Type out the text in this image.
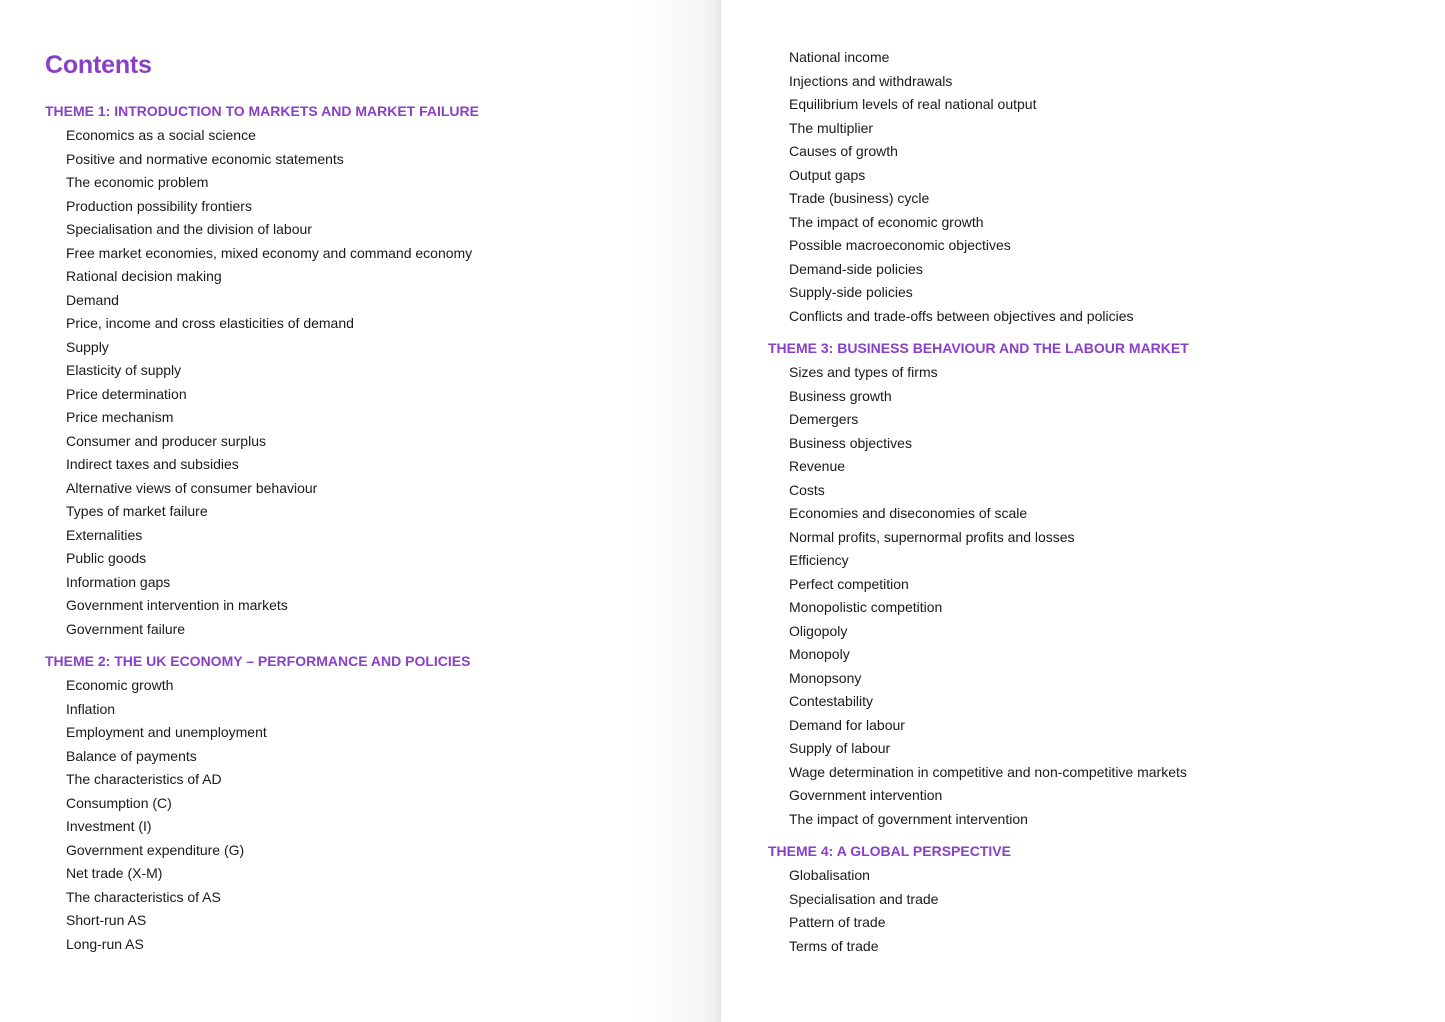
Contents
THEME 1: INTRODUCTION TO MARKETS AND MARKET FAILURE
Economics as a social science
Positive and normative economic statements
The economic problem
Production possibility frontiers
Specialisation and the division of labour
Free market economies, mixed economy and command economy
Rational decision making
Demand
Price, income and cross elasticities of demand
Supply
Elasticity of supply
Price determination
Price mechanism
Consumer and producer surplus
Indirect taxes and subsidies
Alternative views of consumer behaviour
Types of market failure
Externalities
Public goods
Information gaps
Government intervention in markets
Government failure
THEME 2: THE UK ECONOMY – PERFORMANCE AND POLICIES
Economic growth
Inflation
Employment and unemployment
Balance of payments
The characteristics of AD
Consumption (C)
Investment (I)
Government expenditure (G)
Net trade (X-M)
The characteristics of AS
Short-run AS
Long-run AS
National income
Injections and withdrawals
Equilibrium levels of real national output
The multiplier
Causes of growth
Output gaps
Trade (business) cycle
The impact of economic growth
Possible macroeconomic objectives
Demand-side policies
Supply-side policies
Conflicts and trade-offs between objectives and policies
THEME 3: BUSINESS BEHAVIOUR AND THE LABOUR MARKET
Sizes and types of firms
Business growth
Demergers
Business objectives
Revenue
Costs
Economies and diseconomies of scale
Normal profits, supernormal profits and losses
Efficiency
Perfect competition
Monopolistic competition
Oligopoly
Monopoly
Monopsony
Contestability
Demand for labour
Supply of labour
Wage determination in competitive and non-competitive markets
Government intervention
The impact of government intervention
THEME 4: A GLOBAL PERSPECTIVE
Globalisation
Specialisation and trade
Pattern of trade
Terms of trade
